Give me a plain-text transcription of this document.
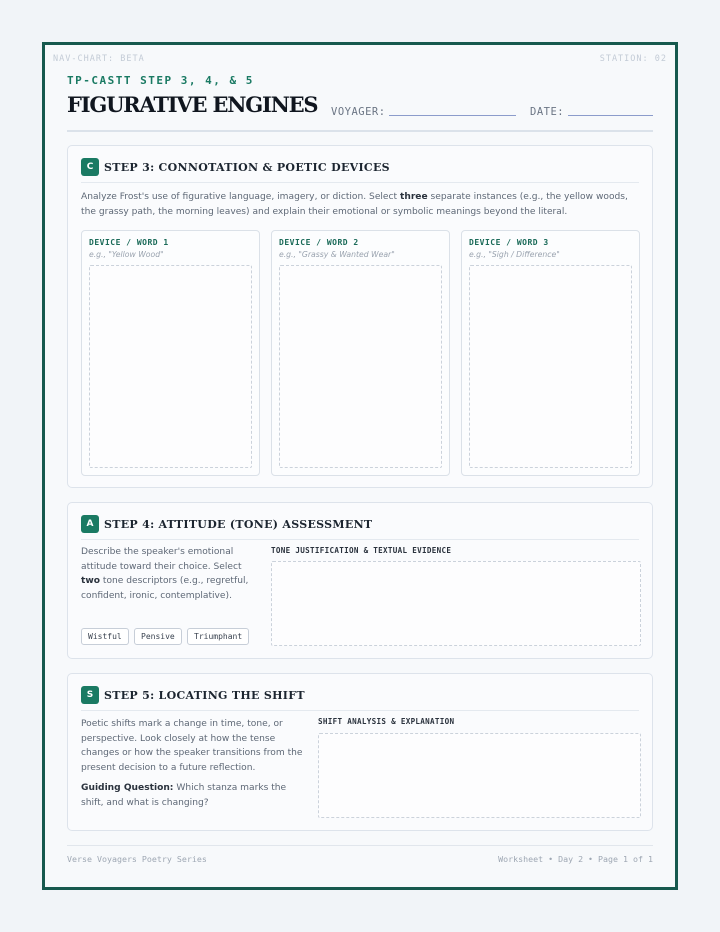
NAV-CHART: BETA	STATION: 02
TP-CASTT STEP 3, 4, & 5
FIGURATIVE ENGINES VOYAGER:	DATE:
C STEP 3: CONNOTATION & POETIC DEVICES
Analyze Frost's use of figurative language, imagery, or diction. Select three separate instances (e.g., the yellow woods, the grassy path, the morning leaves) and explain their emotional or symbolic meanings beyond the literal.
DEVICE / WORD 1
e.g., "Yellow Wood"
DEVICE / WORD 2
e.g., "Grassy & Wanted Wear"
DEVICE / WORD 3
e.g., "Sigh / Difference"
A STEP 4: ATTITUDE (TONE) ASSESSMENT
Describe the speaker's emotional attitude toward their choice. Select two tone descriptors (e.g., regretful, confident, ironic, contemplative).
Wistful	Pensive	Triumphant
TONE JUSTIFICATION & TEXTUAL EVIDENCE
S STEP 5: LOCATING THE SHIFT
Poetic shifts mark a change in time, tone, or perspective. Look closely at how the tense changes or how the speaker transitions from the present decision to a future reflection.
Guiding Question: Which stanza marks the shift, and what is changing?
SHIFT ANALYSIS & EXPLANATION
Verse Voyagers Poetry Series	Worksheet • Day 2 • Page 1 of 1
